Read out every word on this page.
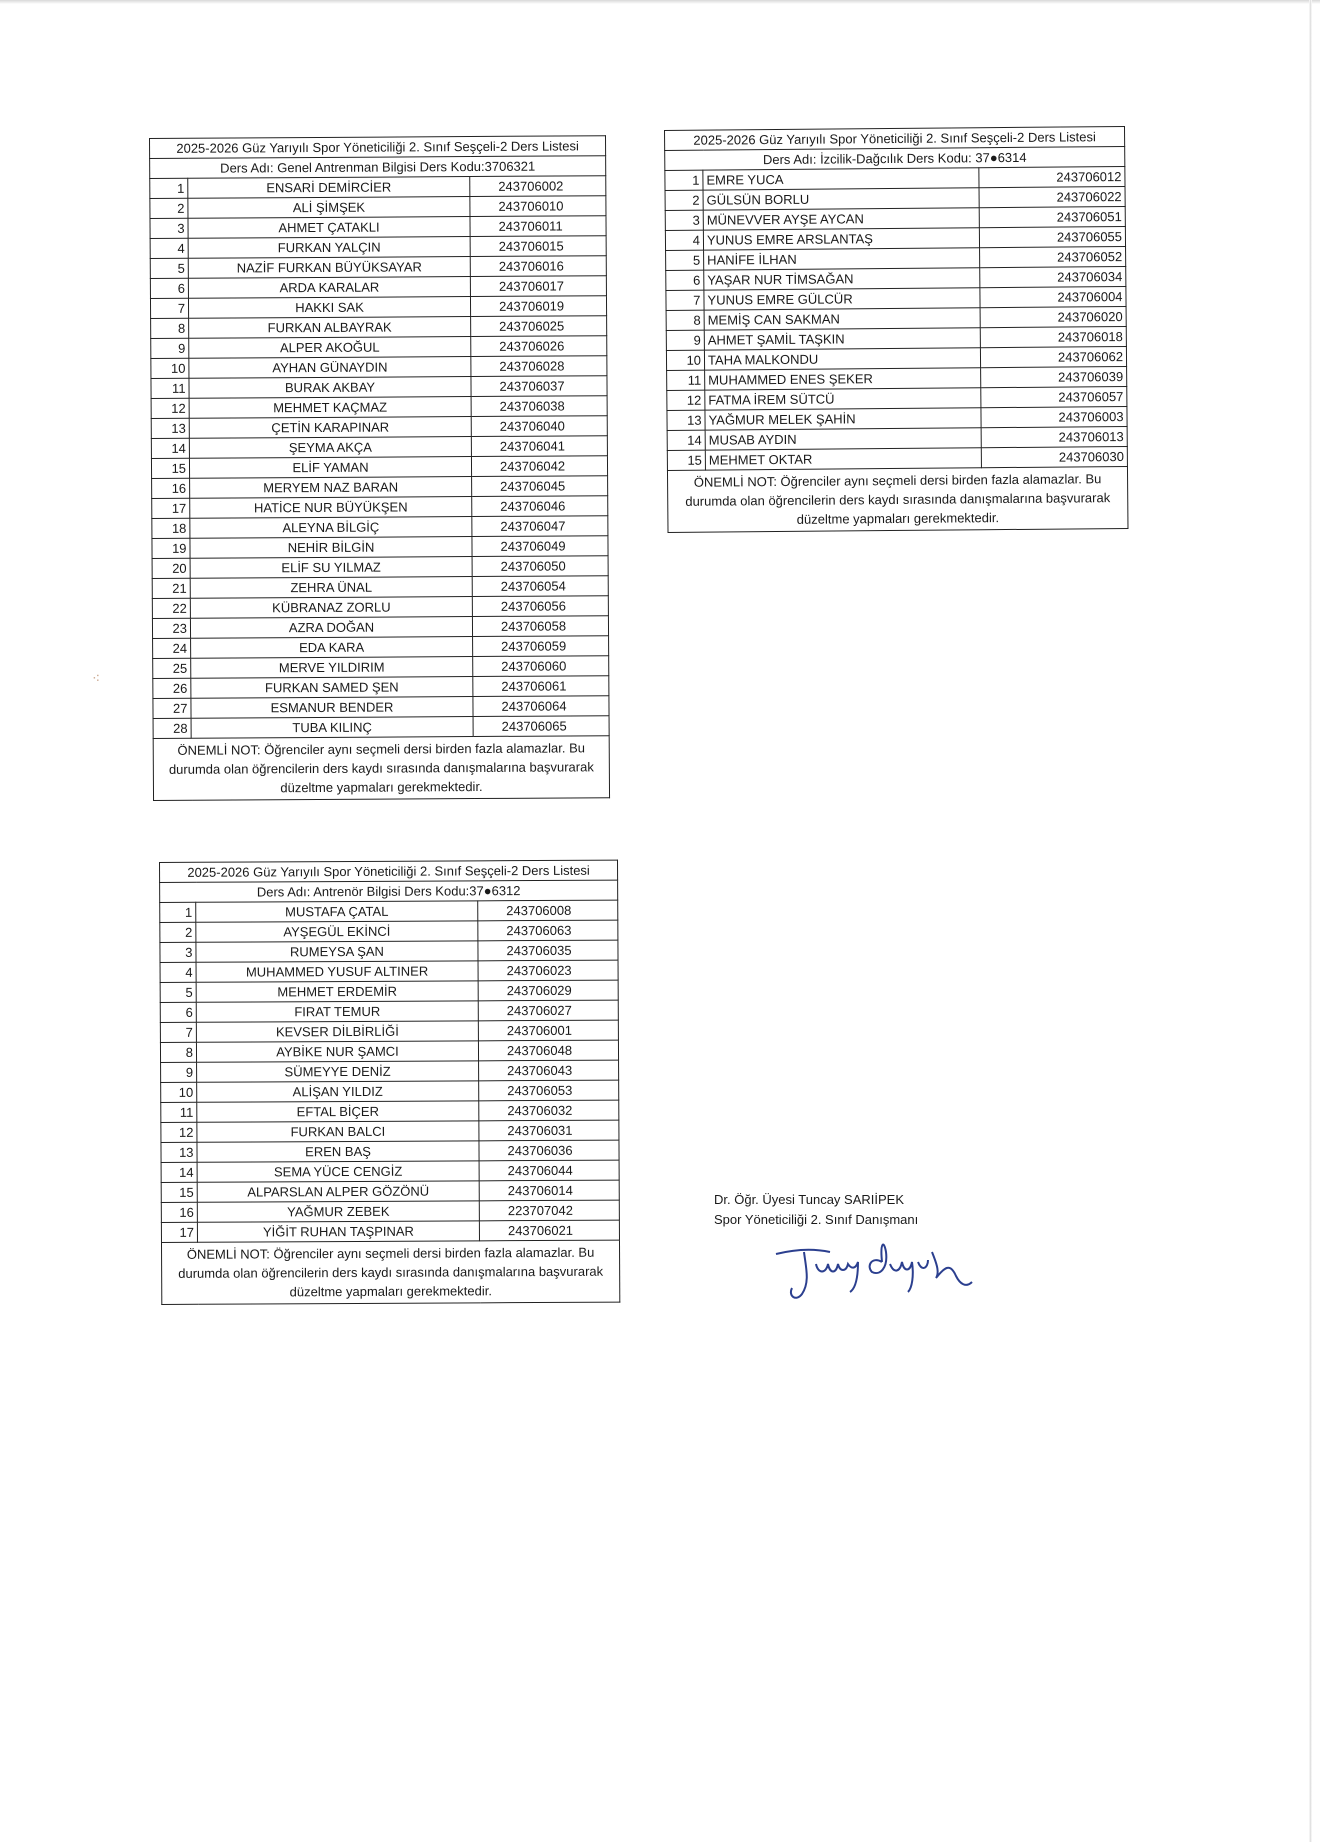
⁖
2025-2026 Güz Yarıyılı Spor Yöneticiliği 2. Sınıf Seşçeli-2 Ders Listesi		
Ders Adı: Genel Antrenman Bilgisi Ders Kodu:3706321		
1	ENSARİ DEMİRCİER	243706002
2	ALİ ŞİMŞEK	243706010
3	AHMET ÇATAKLI	243706011
4	FURKAN YALÇIN	243706015
5	NAZİF FURKAN BÜYÜKSAYAR	243706016
6	ARDA KARALAR	243706017
7	HAKKI SAK	243706019
8	FURKAN ALBAYRAK	243706025
9	ALPER AKOĞUL	243706026
10	AYHAN GÜNAYDIN	243706028
11	BURAK AKBAY	243706037
12	MEHMET KAÇMAZ	243706038
13	ÇETİN KARAPINAR	243706040
14	ŞEYMA AKÇA	243706041
15	ELİF YAMAN	243706042
16	MERYEM NAZ BARAN	243706045
17	HATİCE NUR BÜYÜKŞEN	243706046
18	ALEYNA BİLGİÇ	243706047
19	NEHİR BİLGİN	243706049
20	ELİF SU YILMAZ	243706050
21	ZEHRA ÜNAL	243706054
22	KÜBRANAZ ZORLU	243706056
23	AZRA DOĞAN	243706058
24	EDA KARA	243706059
25	MERVE YILDIRIM	243706060
26	FURKAN SAMED ŞEN	243706061
27	ESMANUR BENDER	243706064
28	TUBA KILINÇ	243706065
ÖNEMLİ NOT: Öğrenciler aynı seçmeli dersi birden fazla alamazlar. Bu durumda olan öğrencilerin ders kaydı sırasında danışmalarına başvurarak düzeltme yapmaları gerekmektedir.		
2025-2026 Güz Yarıyılı Spor Yöneticiliği 2. Sınıf Seşçeli-2 Ders Listesi		
Ders Adı: İzcilik-Dağcılık Ders Kodu: 37●6314		
1	EMRE YUCA	243706012
2	GÜLSÜN BORLU	243706022
3	MÜNEVVER AYŞE AYCAN	243706051
4	YUNUS EMRE ARSLANTAŞ	243706055
5	HANİFE İLHAN	243706052
6	YAŞAR NUR TİMSAĞAN	243706034
7	YUNUS EMRE GÜLCÜR	243706004
8	MEMİŞ CAN SAKMAN	243706020
9	AHMET ŞAMİL TAŞKIN	243706018
10	TAHA MALKONDU	243706062
11	MUHAMMED ENES ŞEKER	243706039
12	FATMA İREM SÜTCÜ	243706057
13	YAĞMUR MELEK ŞAHİN	243706003
14	MUSAB AYDIN	243706013
15	MEHMET OKTAR	243706030
ÖNEMLİ NOT: Öğrenciler aynı seçmeli dersi birden fazla alamazlar. Bu durumda olan öğrencilerin ders kaydı sırasında danışmalarına başvurarak düzeltme yapmaları gerekmektedir.		
2025-2026 Güz Yarıyılı Spor Yöneticiliği 2. Sınıf Seşçeli-2 Ders Listesi		
Ders Adı: Antrenör Bilgisi Ders Kodu:37●6312		
1	MUSTAFA ÇATAL	243706008
2	AYŞEGÜL EKİNCİ	243706063
3	RUMEYSA ŞAN	243706035
4	MUHAMMED YUSUF ALTINER	243706023
5	MEHMET ERDEMİR	243706029
6	FIRAT TEMUR	243706027
7	KEVSER DİLBİRLİĞİ	243706001
8	AYBİKE NUR ŞAMCI	243706048
9	SÜMEYYE DENİZ	243706043
10	ALİŞAN YILDIZ	243706053
11	EFTAL BİÇER	243706032
12	FURKAN BALCI	243706031
13	EREN BAŞ	243706036
14	SEMA YÜCE CENGİZ	243706044
15	ALPARSLAN ALPER GÖZÖNÜ	243706014
16	YAĞMUR ZEBEK	223707042
17	YİĞİT RUHAN TAŞPINAR	243706021
ÖNEMLİ NOT: Öğrenciler aynı seçmeli dersi birden fazla alamazlar. Bu durumda olan öğrencilerin ders kaydı sırasında danışmalarına başvurarak düzeltme yapmaları gerekmektedir.		
Dr. Öğr. Üyesi Tuncay SARIİPEK
Spor Yöneticiliği 2. Sınıf Danışmanı
